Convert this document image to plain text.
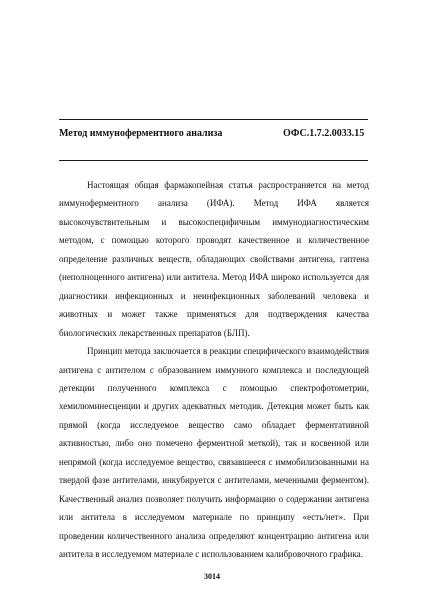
Метод иммуноферментного анализа	ОФС.1.7.2.0033.15

Настоящая общая фармакопейная статья распространяется на метод иммуноферментного анализа (ИФА). Метод ИФА является высокочувствительным и высокоспецифичным иммунодиагностическим методом, с помощью которого проводят качественное и количественное определение различных веществ, обладающих свойствами антигена, гаптена (неполноценного антигена) или антитела. Метод ИФА широко используется для диагностики инфекционных и неинфекционных заболеваний человека и животных и может также применяться для подтверждения качества биологических лекарственных препаратов (БЛП).

Принцип метода заключается в реакции специфического взаимодействия антигена с антителом с образованием иммунного комплекса и последующей детекции полученного комплекса с помощью спектрофотометрии, хемилюминесценции и других адекватных методик. Детекция может быть как прямой (когда исследуемое вещество само обладает ферментативной активностью, либо оно помечено ферментной меткой), так и косвенной или непрямой (когда исследуемое вещество, связавшееся с иммобилизованными на твердой фазе антителами, инкубируется с антителами, меченными ферментом). Качественный анализ позволяет получить информацию о содержании антигена или антитела в исследуемом материале по принципу «есть/нет». При проведении количественного анализа определяют концентрацию антигена или антитела в исследуемом материале с использованием калибровочного графика.

3014
